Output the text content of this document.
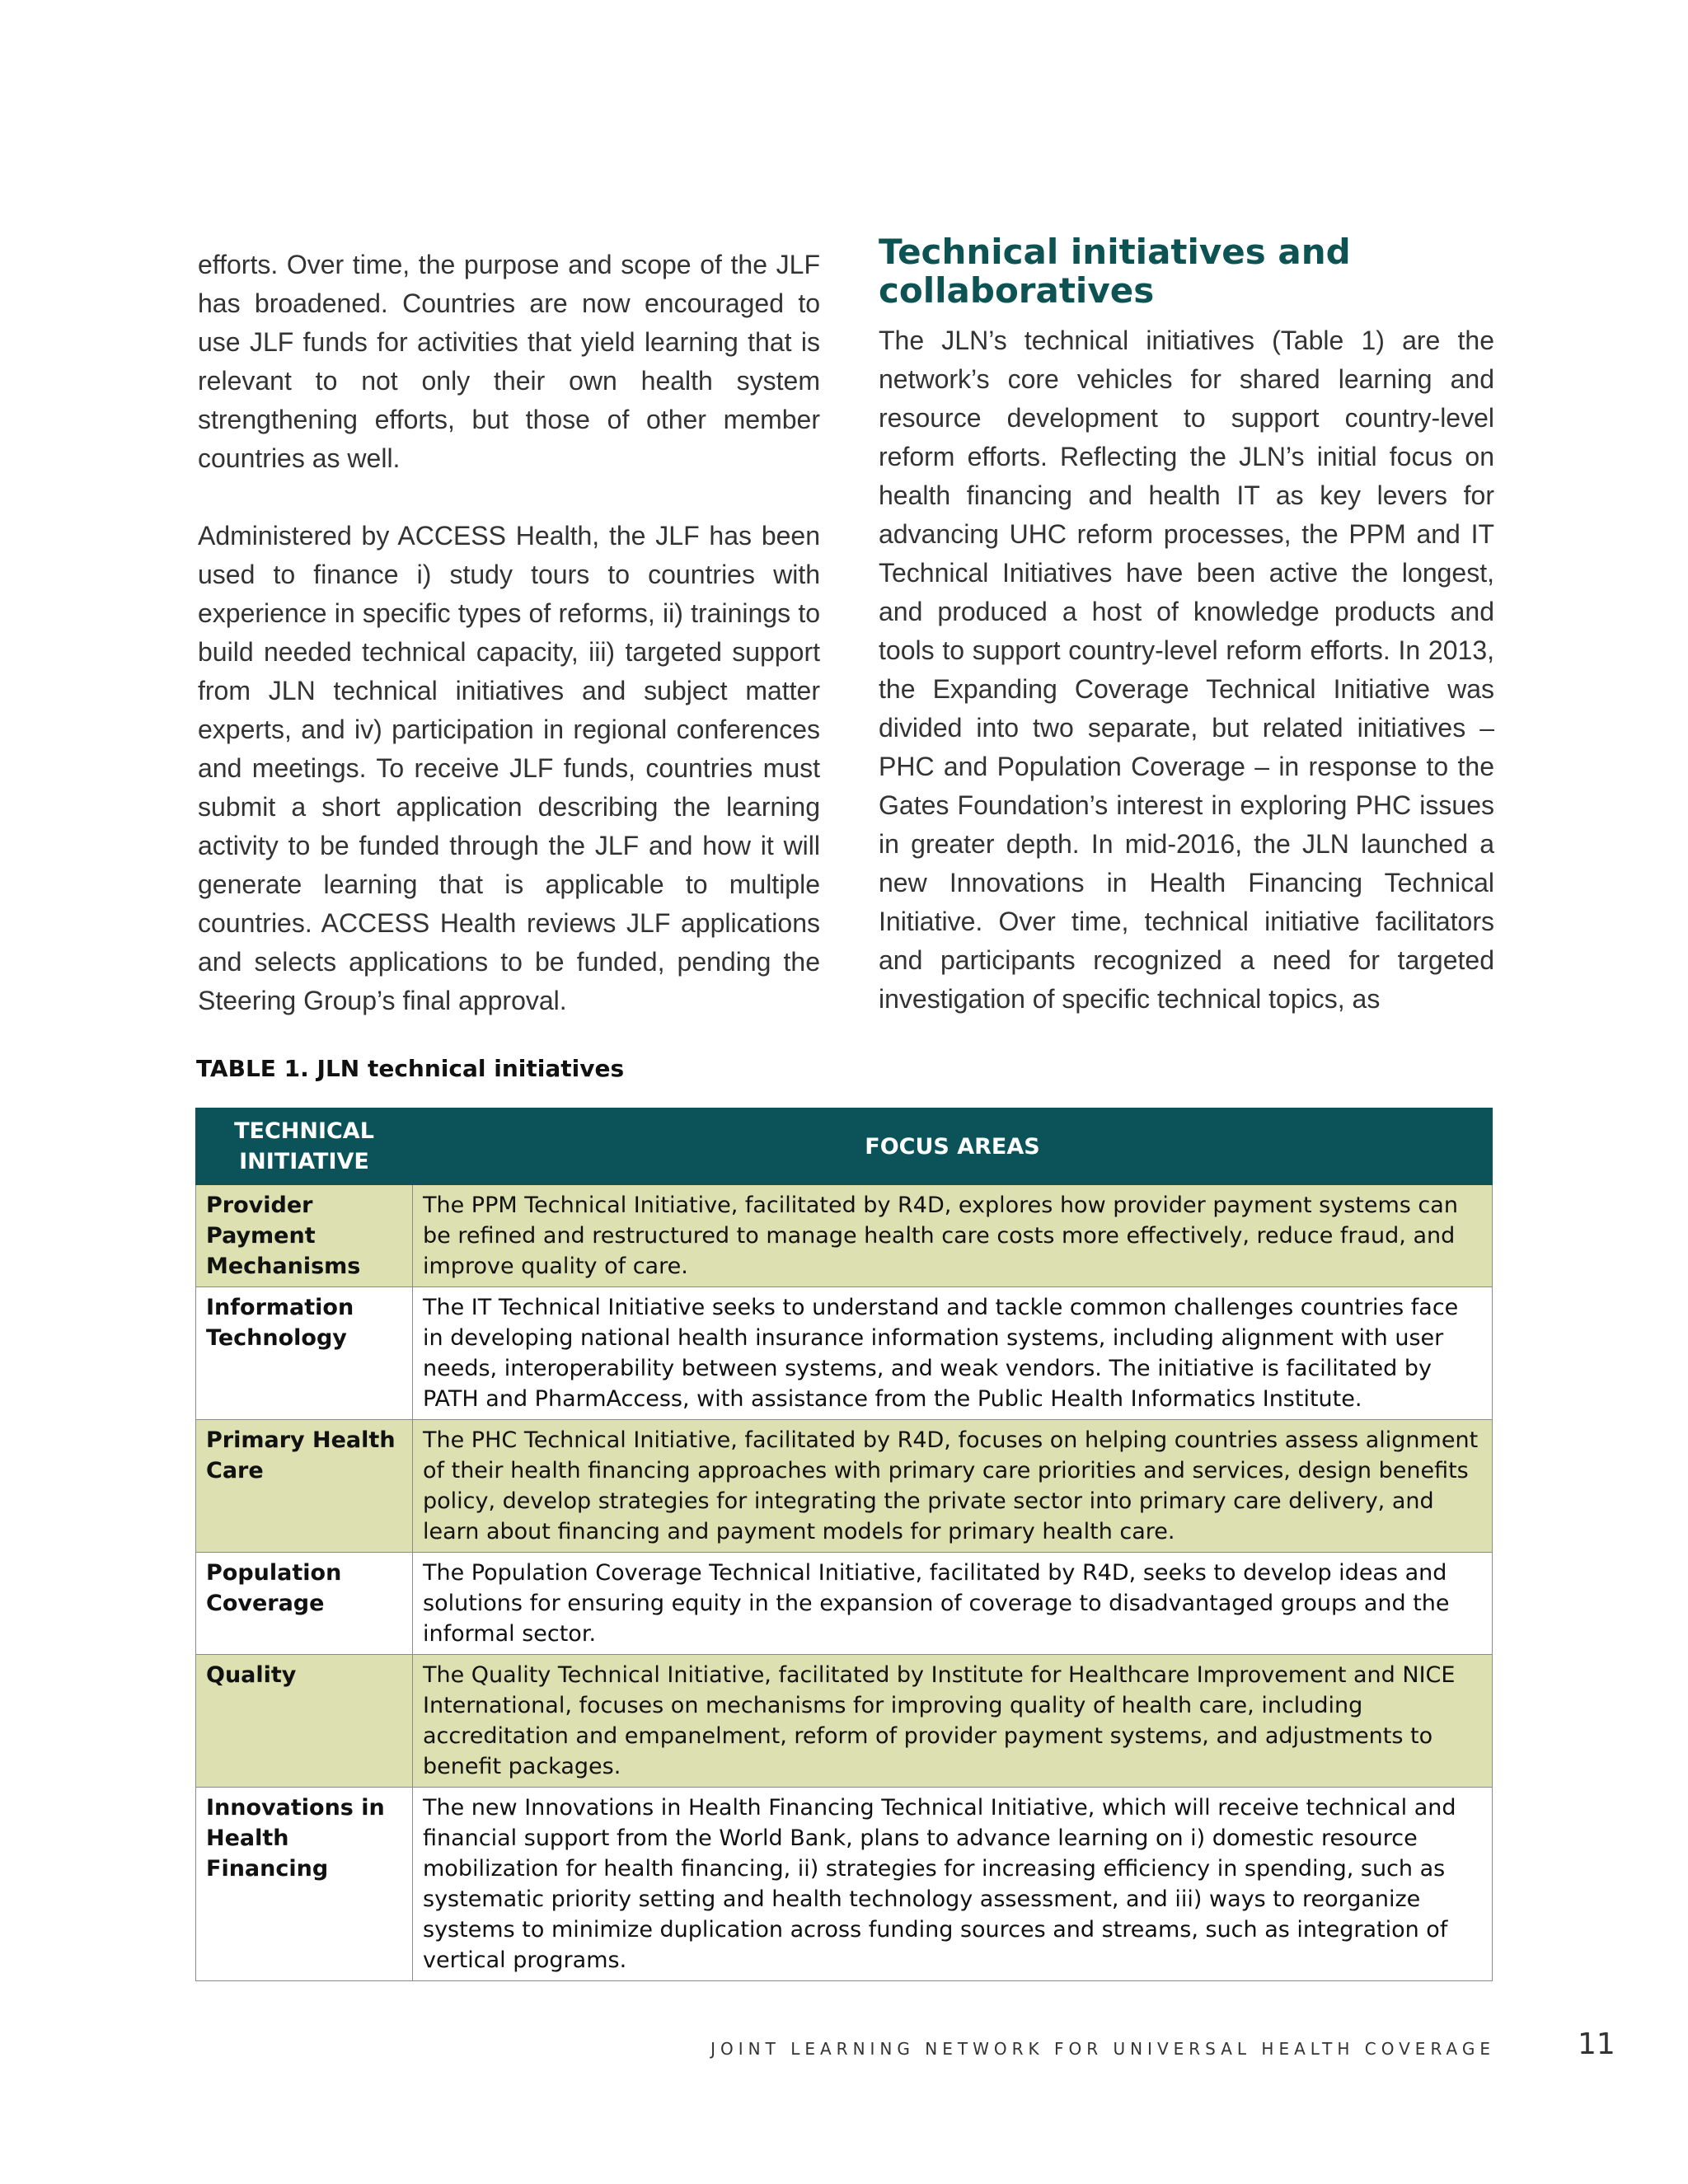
efforts. Over time, the purpose and scope of the JLF has broadened. Countries are now encouraged to use JLF funds for activities that yield learning that is relevant to not only their own health system strengthening efforts, but those of other member countries as well.

Administered by ACCESS Health, the JLF has been used to finance i) study tours to countries with experience in specific types of reforms, ii) trainings to build needed technical capacity, iii) targeted support from JLN technical initiatives and subject matter experts, and iv) participation in regional conferences and meetings. To receive JLF funds, countries must submit a short application describing the learning activity to be funded through the JLF and how it will generate learning that is applicable to multiple countries. ACCESS Health reviews JLF applications and selects applications to be funded, pending the Steering Group’s final approval.

Technical initiatives and collaboratives

The JLN’s technical initiatives (Table 1) are the network’s core vehicles for shared learning and resource development to support country-level reform efforts. Reflecting the JLN’s initial focus on health financing and health IT as key levers for advancing UHC reform processes, the PPM and IT Technical Initiatives have been active the longest, and produced a host of knowledge products and tools to support country-level reform efforts. In 2013, the Expanding Coverage Technical Initiative was divided into two separate, but related initiatives – PHC and Population Coverage – in response to the Gates Foundation’s interest in exploring PHC issues in greater depth. In mid-2016, the JLN launched a new Innovations in Health Financing Technical Initiative. Over time, technical initiative facilitators and participants recognized a need for targeted investigation of specific technical topics, as

TABLE 1. JLN technical initiatives
TECHNICAL INITIATIVE	FOCUS AREAS
Provider Payment Mechanisms	The PPM Technical Initiative, facilitated by R4D, explores how provider payment systems can be refined and restructured to manage health care costs more effectively, reduce fraud, and improve quality of care.
Information Technology	The IT Technical Initiative seeks to understand and tackle common challenges countries face in developing national health insurance information systems, including alignment with user needs, interoperability between systems, and weak vendors. The initiative is facilitated by PATH and PharmAccess, with assistance from the Public Health Informatics Institute.
Primary Health Care	The PHC Technical Initiative, facilitated by R4D, focuses on helping countries assess alignment of their health financing approaches with primary care priorities and services, design benefits policy, develop strategies for integrating the private sector into primary care delivery, and learn about financing and payment models for primary health care.
Population Coverage	The Population Coverage Technical Initiative, facilitated by R4D, seeks to develop ideas and solutions for ensuring equity in the expansion of coverage to disadvantaged groups and the informal sector.
Quality	The Quality Technical Initiative, facilitated by Institute for Healthcare Improvement and NICE International, focuses on mechanisms for improving quality of health care, including accreditation and empanelment, reform of provider payment systems, and adjustments to benefit packages.
Innovations in Health Financing	The new Innovations in Health Financing Technical Initiative, which will receive technical and financial support from the World Bank, plans to advance learning on i) domestic resource mobilization for health financing, ii) strategies for increasing efficiency in spending, such as systematic priority setting and health technology assessment, and iii) ways to reorganize systems to minimize duplication across funding sources and streams, such as integration of vertical programs.
JOINT LEARNING NETWORK FOR UNIVERSAL HEALTH COVERAGE	11
